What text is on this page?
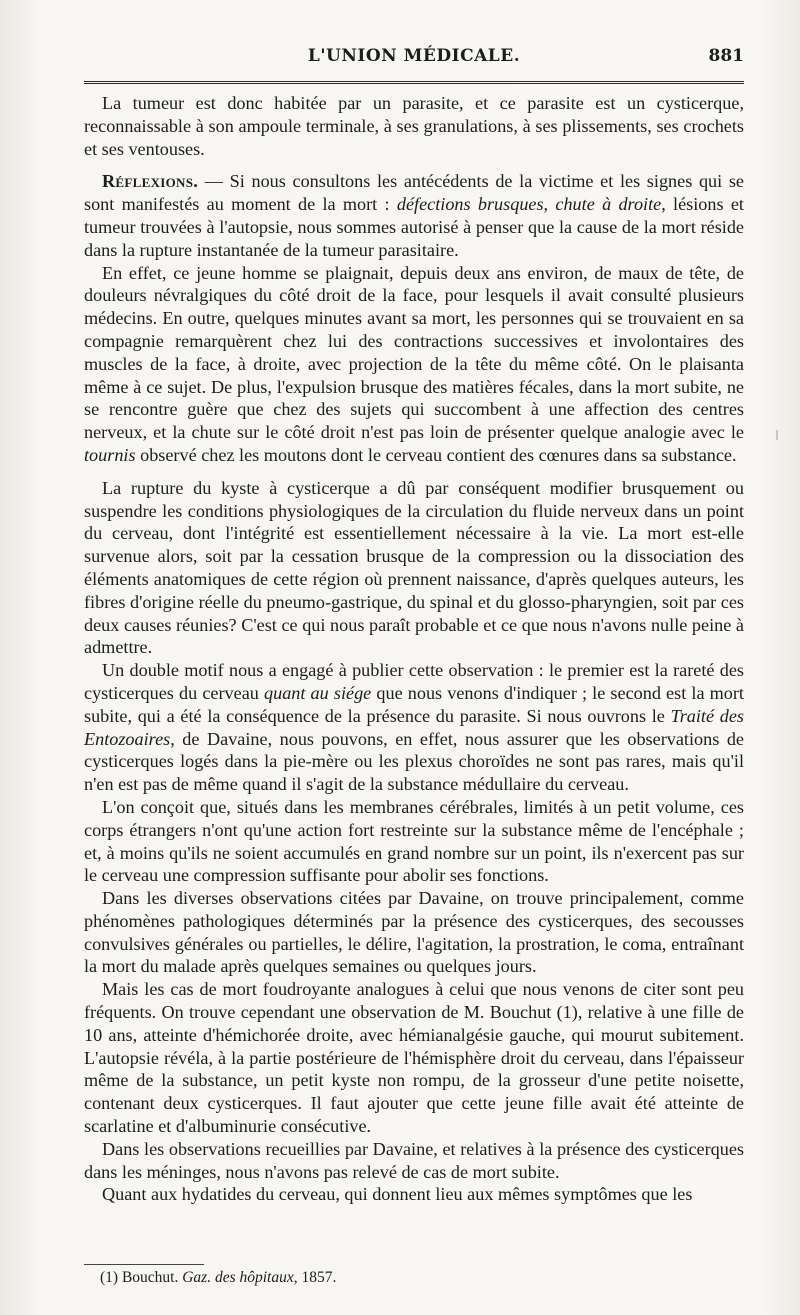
L'UNION MÉDICALE.	881

La tumeur est donc habitée par un parasite, et ce parasite est un cysticerque, reconnaissable à son ampoule terminale, à ses granulations, à ses plissements, ses crochets et ses ventouses.

Réflexions. — Si nous consultons les antécédents de la victime et les signes qui se sont manifestés au moment de la mort : défections brusques, chute à droite, lésions et tumeur trouvées à l'autopsie, nous sommes autorisé à penser que la cause de la mort réside dans la rupture instantanée de la tumeur parasitaire.

En effet, ce jeune homme se plaignait, depuis deux ans environ, de maux de tête, de douleurs névralgiques du côté droit de la face, pour lesquels il avait consulté plusieurs médecins. En outre, quelques minutes avant sa mort, les personnes qui se trouvaient en sa compagnie remarquèrent chez lui des contractions successives et involontaires des muscles de la face, à droite, avec projection de la tête du même côté. On le plaisanta même à ce sujet. De plus, l'expulsion brusque des matières fécales, dans la mort subite, ne se rencontre guère que chez des sujets qui succombent à une affection des centres nerveux, et la chute sur le côté droit n'est pas loin de présenter quelque analogie avec le tournis observé chez les moutons dont le cerveau contient des cœnures dans sa substance.

La rupture du kyste à cysticerque a dû par conséquent modifier brusquement ou suspendre les conditions physiologiques de la circulation du fluide nerveux dans un point du cerveau, dont l'intégrité est essentiellement nécessaire à la vie. La mort est-elle survenue alors, soit par la cessation brusque de la compression ou la dissociation des éléments anatomiques de cette région où prennent naissance, d'après quelques auteurs, les fibres d'origine réelle du pneumo-gastrique, du spinal et du glosso-pharyngien, soit par ces deux causes réunies? C'est ce qui nous paraît probable et ce que nous n'avons nulle peine à admettre.

Un double motif nous a engagé à publier cette observation : le premier est la rareté des cysticerques du cerveau quant au siége que nous venons d'indiquer ; le second est la mort subite, qui a été la conséquence de la présence du parasite. Si nous ouvrons le Traité des Entozoaires, de Davaine, nous pouvons, en effet, nous assurer que les observations de cysticerques logés dans la pie-mère ou les plexus choroïdes ne sont pas rares, mais qu'il n'en est pas de même quand il s'agit de la substance médullaire du cerveau.

L'on conçoit que, situés dans les membranes cérébrales, limités à un petit volume, ces corps étrangers n'ont qu'une action fort restreinte sur la substance même de l'encéphale ; et, à moins qu'ils ne soient accumulés en grand nombre sur un point, ils n'exercent pas sur le cerveau une compression suffisante pour abolir ses fonctions.

Dans les diverses observations citées par Davaine, on trouve principalement, comme phénomènes pathologiques déterminés par la présence des cysticerques, des secousses convulsives générales ou partielles, le délire, l'agitation, la prostration, le coma, entraînant la mort du malade après quelques semaines ou quelques jours.

Mais les cas de mort foudroyante analogues à celui que nous venons de citer sont peu fréquents. On trouve cependant une observation de M. Bouchut (1), relative à une fille de 10 ans, atteinte d'hémichorée droite, avec hémianalgésie gauche, qui mourut subitement. L'autopsie révéla, à la partie postérieure de l'hémisphère droit du cerveau, dans l'épaisseur même de la substance, un petit kyste non rompu, de la grosseur d'une petite noisette, contenant deux cysticerques. Il faut ajouter que cette jeune fille avait été atteinte de scarlatine et d'albuminurie consécutive.

Dans les observations recueillies par Davaine, et relatives à la présence des cysticerques dans les méninges, nous n'avons pas relevé de cas de mort subite.

Quant aux hydatides du cerveau, qui donnent lieu aux mêmes symptômes que les

(1) Bouchut. Gaz. des hôpitaux, 1857.
